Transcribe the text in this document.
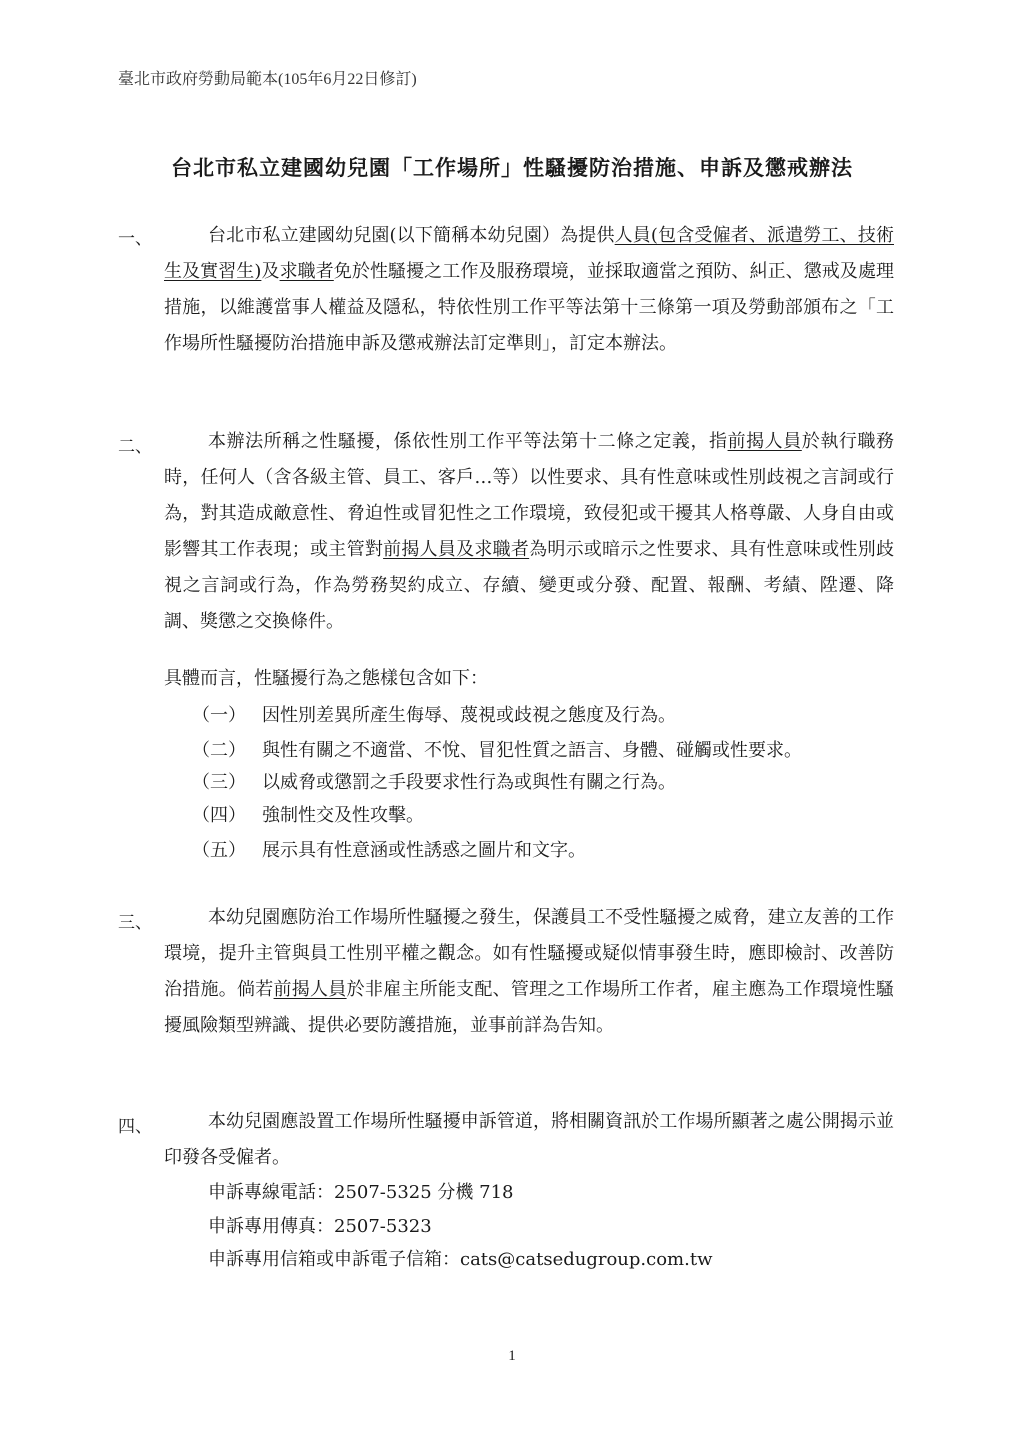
臺北市政府勞動局範本(105年6月22日修訂)
台北市私立建國幼兒園「工作場所」性騷擾防治措施、申訴及懲戒辦法
一、	台北市私立建國幼兒園(以下簡稱本幼兒園）為提供人員(包含受僱者、派遣勞工、技術生及實習生)及求職者免於性騷擾之工作及服務環境，並採取適當之預防、糾正、懲戒及處理措施，以維護當事人權益及隱私，特依性別工作平等法第十三條第一項及勞動部頒布之「工作場所性騷擾防治措施申訴及懲戒辦法訂定準則」，訂定本辦法。
二、	本辦法所稱之性騷擾，係依性別工作平等法第十二條之定義，指前揭人員於執行職務時，任何人（含各級主管、員工、客戶…等）以性要求、具有性意味或性別歧視之言詞或行為，對其造成敵意性、脅迫性或冒犯性之工作環境，致侵犯或干擾其人格尊嚴、人身自由或影響其工作表現；或主管對前揭人員及求職者為明示或暗示之性要求、具有性意味或性別歧視之言詞或行為，作為勞務契約成立、存續、變更或分發、配置、報酬、考績、陞遷、降調、獎懲之交換條件。
具體而言，性騷擾行為之態樣包含如下：
（一） 因性別差異所產生侮辱、蔑視或歧視之態度及行為。
（二） 與性有關之不適當、不悅、冒犯性質之語言、身體、碰觸或性要求。
（三） 以威脅或懲罰之手段要求性行為或與性有關之行為。
（四） 強制性交及性攻擊。
（五） 展示具有性意涵或性誘惑之圖片和文字。
三、	本幼兒園應防治工作場所性騷擾之發生，保護員工不受性騷擾之威脅，建立友善的工作環境，提升主管與員工性別平權之觀念。如有性騷擾或疑似情事發生時，應即檢討、改善防治措施。倘若前揭人員於非雇主所能支配、管理之工作場所工作者，雇主應為工作環境性騷擾風險類型辨識、提供必要防護措施，並事前詳為告知。
四、	本幼兒園應設置工作場所性騷擾申訴管道，將相關資訊於工作場所顯著之處公開揭示並印發各受僱者。
申訴專線電話：2507-5325 分機 718
申訴專用傳真：2507-5323
申訴專用信箱或申訴電子信箱：cats@catsedugroup.com.tw
1
